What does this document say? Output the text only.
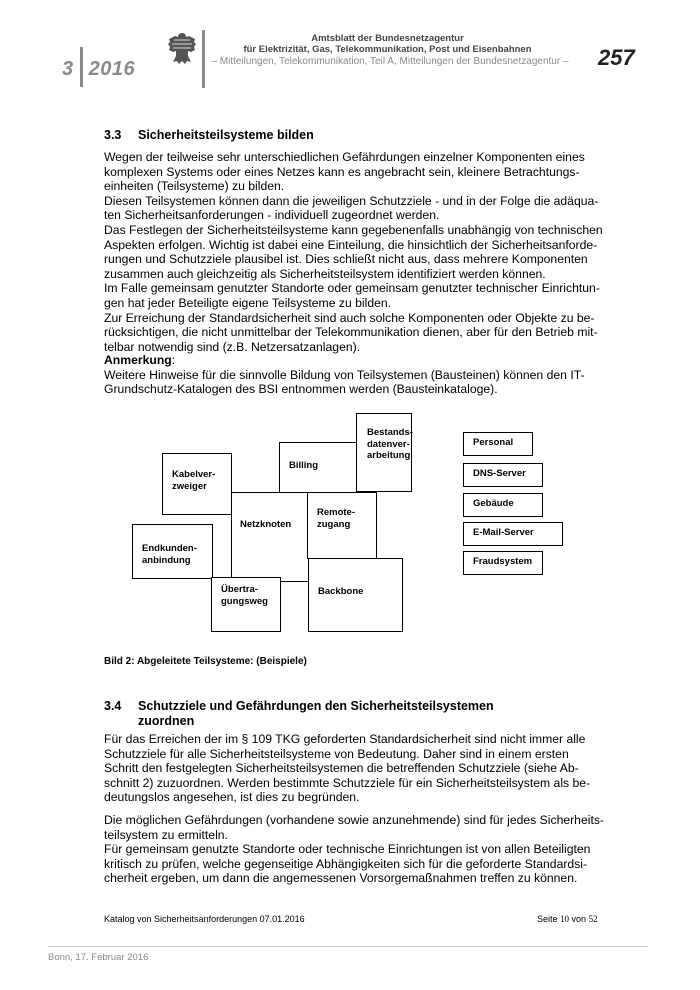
3 2016
Amtsblatt der Bundesnetzagentur
für Elektrizität, Gas, Telekommunikation, Post und Eisenbahnen
– Mitteilungen, Telekommunikation, Teil A, Mitteilungen der Bundesnetzagentur – 257
3.3 Sicherheitsteilsysteme bilden

Wegen der teilweise sehr unterschiedlichen Gefährdungen einzelner Komponenten eines

komplexen Systems oder eines Netzes kann es angebracht sein, kleinere Betrachtungs-

einheiten (Teilsysteme) zu bilden.

Diesen Teilsystemen können dann die jeweiligen Schutzziele - und in der Folge die adäqua-

ten Sicherheitsanforderungen - individuell zugeordnet werden.

Das Festlegen der Sicherheitsteilsysteme kann gegebenenfalls unabhängig von technischen

Aspekten erfolgen. Wichtig ist dabei eine Einteilung, die hinsichtlich der Sicherheitsanforde-

rungen und Schutzziele plausibel ist. Dies schließt nicht aus, dass mehrere Komponenten

zusammen auch gleichzeitig als Sicherheitsteilsystem identifiziert werden können.

Im Falle gemeinsam genutzter Standorte oder gemeinsam genutzter technischer Einrichtun-

gen hat jeder Beteiligte eigene Teilsysteme zu bilden.

Zur Erreichung der Standardsicherheit sind auch solche Komponenten oder Objekte zu be-

rücksichtigen, die nicht unmittelbar der Telekommunikation dienen, aber für den Betrieb mit-

telbar notwendig sind (z.B. Netzersatzanlagen).

Anmerkung:

Weitere Hinweise für die sinnvolle Bildung von Teilsystemen (Bausteinen) können den IT-

Grundschutz-Katalogen des BSI entnommen werden (Bausteinkataloge).

Kabelver-
zweiger
Billing
Bestands-
datenver-
arbeitung
Netzknoten
Remote-
zugang
Endkunden-
anbindung
Übertra-
gungsweg
Backbone
Personal
DNS-Server
Gebäude
E-Mail-Server
Fraudsystem
Bild 2: Abgeleitete Teilsysteme: (Beispiele)
3.4 Schutzziele und Gefährdungen den Sicherheitsteilsystemen
zuordnen

Für das Erreichen der im § 109 TKG geforderten Standardsicherheit sind nicht immer alle

Schutzziele für alle Sicherheitsteilsysteme von Bedeutung. Daher sind in einem ersten

Schritt den festgelegten Sicherheitsteilsystemen die betreffenden Schutzziele (siehe Ab-

schnitt 2) zuzuordnen. Werden bestimmte Schutzziele für ein Sicherheitsteilsystem als be-

deutungslos angesehen, ist dies zu begründen.

Die möglichen Gefährdungen (vorhandene sowie anzunehmende) sind für jedes Sicherheits-

teilsystem zu ermitteln.

Für gemeinsam genutzte Standorte oder technische Einrichtungen ist von allen Beteiligten

kritisch zu prüfen, welche gegenseitige Abhängigkeiten sich für die geforderte Standardsi-

cherheit ergeben, um dann die angemessenen Vorsorgemaßnahmen treffen zu können.

Katalog von Sicherheitsanforderungen 07.01.2016	Seite 10 von 52
Bonn, 17. Februar 2016
